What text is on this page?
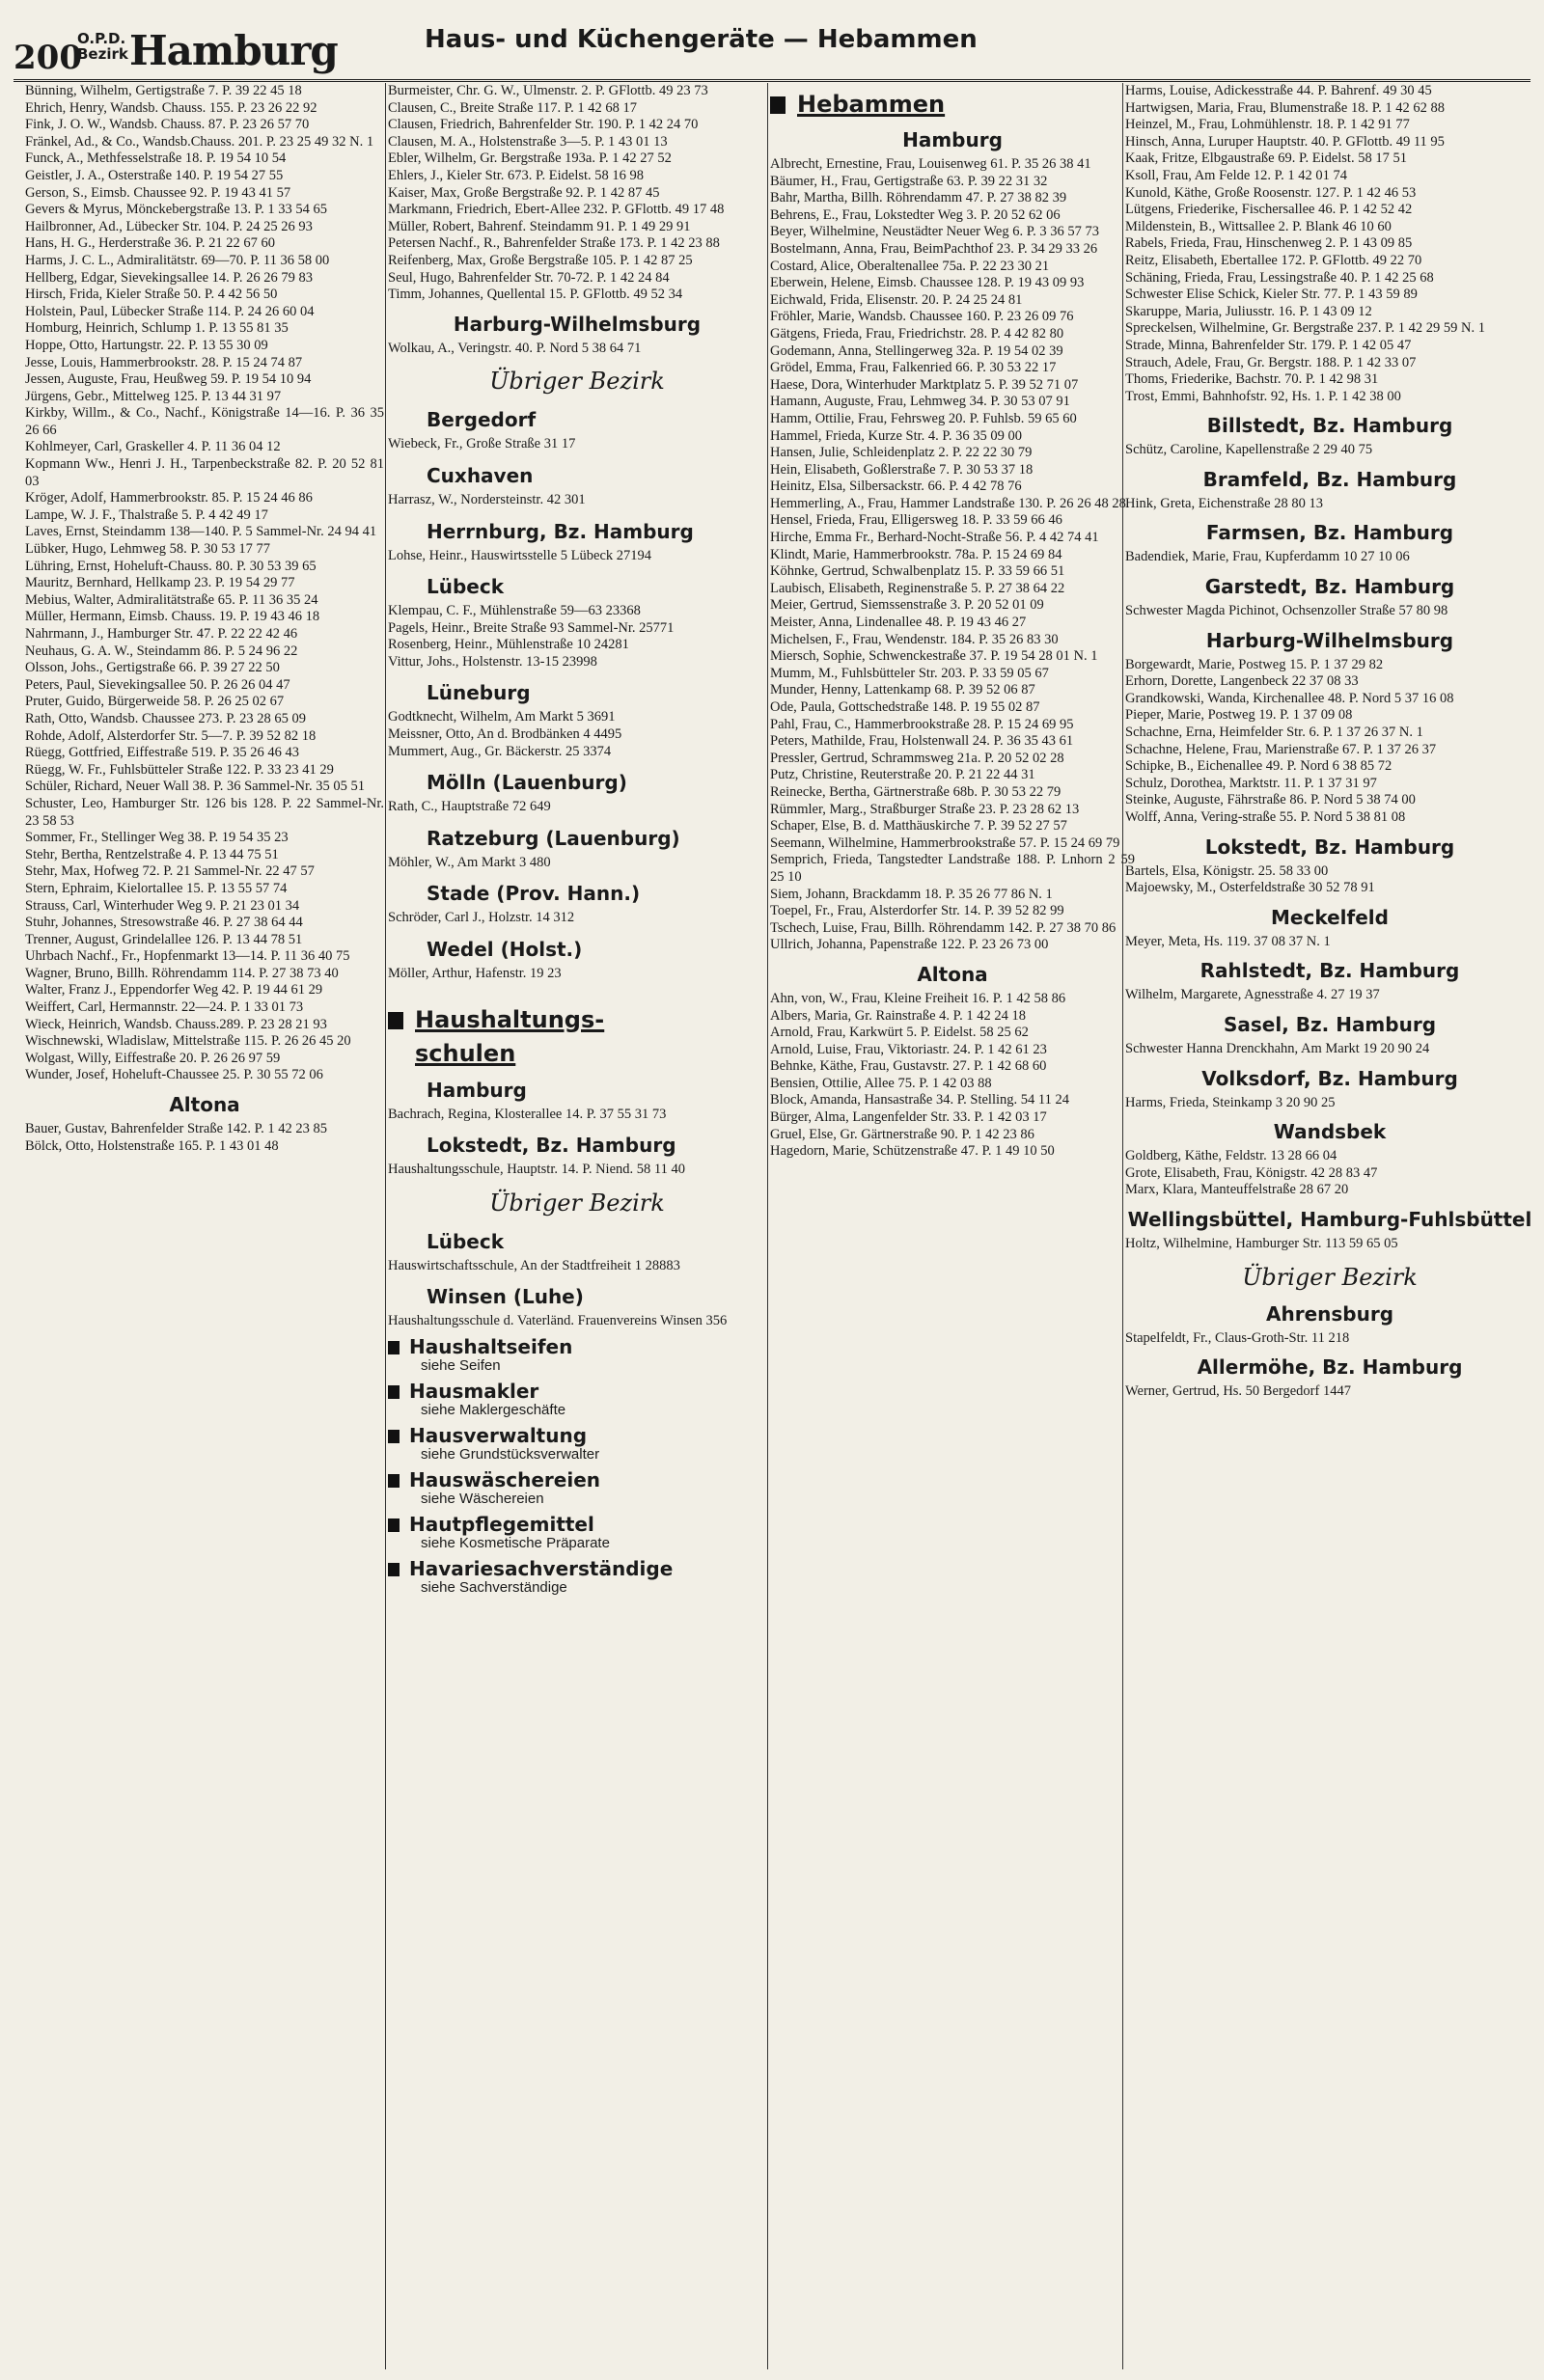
200
O.P.D.
Bezirk Hamburg	Haus- und Küchengeräte — Hebammen

Bünning, Wilhelm, Gertigstraße 7. P. 39 22 45 18

Ehrich, Henry, Wandsb. Chauss. 155. P. 23 26 22 92

Fink, J. O. W., Wandsb. Chauss. 87. P. 23 26 57 70

Fränkel, Ad., & Co., Wandsb.Chauss. 201. P. 23 25 49 32 N. 1

Funck, A., Methfesselstraße 18. P. 19 54 10 54

Geistler, J. A., Osterstraße 140. P. 19 54 27 55

Gerson, S., Eimsb. Chaussee 92. P. 19 43 41 57

Gevers & Myrus, Mönckebergstraße 13. P. 1 33 54 65

Hailbronner, Ad., Lübecker Str. 104. P. 24 25 26 93

Hans, H. G., Herderstraße 36. P. 21 22 67 60

Harms, J. C. L., Admiralitätstr. 69—70. P. 11 36 58 00

Hellberg, Edgar, Sievekingsallee 14. P. 26 26 79 83

Hirsch, Frida, Kieler Straße 50. P. 4 42 56 50

Holstein, Paul, Lübecker Straße 114. P. 24 26 60 04

Homburg, Heinrich, Schlump 1. P. 13 55 81 35

Hoppe, Otto, Hartungstr. 22. P. 13 55 30 09

Jesse, Louis, Hammerbrookstr. 28. P. 15 24 74 87

Jessen, Auguste, Frau, Heußweg 59. P. 19 54 10 94

Jürgens, Gebr., Mittelweg 125. P. 13 44 31 97

Kirkby, Willm., & Co., Nachf., Königstraße 14—16. P. 36 35 26 66

Kohlmeyer, Carl, Graskeller 4. P. 11 36 04 12

Kopmann Ww., Henri J. H., Tarpenbeckstraße 82. P. 20 52 81 03

Kröger, Adolf, Hammerbrookstr. 85. P. 15 24 46 86

Lampe, W. J. F., Thalstraße 5. P. 4 42 49 17

Laves, Ernst, Steindamm 138—140. P. 5 Sammel-Nr. 24 94 41

Lübker, Hugo, Lehmweg 58. P. 30 53 17 77

Lühring, Ernst, Hoheluft-Chauss. 80. P. 30 53 39 65

Mauritz, Bernhard, Hellkamp 23. P. 19 54 29 77

Mebius, Walter, Admiralitätstraße 65. P. 11 36 35 24

Müller, Hermann, Eimsb. Chauss. 19. P. 19 43 46 18

Nahrmann, J., Hamburger Str. 47. P. 22 22 42 46

Neuhaus, G. A. W., Steindamm 86. P. 5 24 96 22

Olsson, Johs., Gertigstraße 66. P. 39 27 22 50

Peters, Paul, Sievekingsallee 50. P. 26 26 04 47

Pruter, Guido, Bürgerweide 58. P. 26 25 02 67

Rath, Otto, Wandsb. Chaussee 273. P. 23 28 65 09

Rohde, Adolf, Alsterdorfer Str. 5—7. P. 39 52 82 18

Rüegg, Gottfried, Eiffestraße 519. P. 35 26 46 43

Rüegg, W. Fr., Fuhlsbütteler Straße 122. P. 33 23 41 29

Schüler, Richard, Neuer Wall 38. P. 36 Sammel-Nr. 35 05 51

Schuster, Leo, Hamburger Str. 126 bis 128. P. 22 Sammel-Nr. 23 58 53

Sommer, Fr., Stellinger Weg 38. P. 19 54 35 23

Stehr, Bertha, Rentzelstraße 4. P. 13 44 75 51

Stehr, Max, Hofweg 72. P. 21 Sammel-Nr. 22 47 57

Stern, Ephraim, Kielortallee 15. P. 13 55 57 74

Strauss, Carl, Winterhuder Weg 9. P. 21 23 01 34

Stuhr, Johannes, Stresowstraße 46. P. 27 38 64 44

Trenner, August, Grindelallee 126. P. 13 44 78 51

Uhrbach Nachf., Fr., Hopfenmarkt 13—14. P. 11 36 40 75

Wagner, Bruno, Billh. Röhrendamm 114. P. 27 38 73 40

Walter, Franz J., Eppendorfer Weg 42. P. 19 44 61 29

Weiffert, Carl, Hermannstr. 22—24. P. 1 33 01 73

Wieck, Heinrich, Wandsb. Chauss.289. P. 23 28 21 93

Wischnewski, Wladislaw, Mittelstraße 115. P. 26 26 45 20

Wolgast, Willy, Eiffestraße 20. P. 26 26 97 59

Wunder, Josef, Hoheluft-Chaussee 25. P. 30 55 72 06

Altona

Bauer, Gustav, Bahrenfelder Straße 142. P. 1 42 23 85

Bölck, Otto, Holstenstraße 165. P. 1 43 01 48

Burmeister, Chr. G. W., Ulmenstr. 2. P. GFlottb. 49 23 73

Clausen, C., Breite Straße 117. P. 1 42 68 17

Clausen, Friedrich, Bahrenfelder Str. 190. P. 1 42 24 70

Clausen, M. A., Holstenstraße 3—5. P. 1 43 01 13

Ebler, Wilhelm, Gr. Bergstraße 193a. P. 1 42 27 52

Ehlers, J., Kieler Str. 673. P. Eidelst. 58 16 98

Kaiser, Max, Große Bergstraße 92. P. 1 42 87 45

Markmann, Friedrich, Ebert-Allee 232. P. GFlottb. 49 17 48

Müller, Robert, Bahrenf. Steindamm 91. P. 1 49 29 91

Petersen Nachf., R., Bahrenfelder Straße 173. P. 1 42 23 88

Reifenberg, Max, Große Bergstraße 105. P. 1 42 87 25

Seul, Hugo, Bahrenfelder Str. 70-72. P. 1 42 24 84

Timm, Johannes, Quellental 15. P. GFlottb. 49 52 34

Harburg-Wilhelmsburg

Wolkau, A., Veringstr. 40. P. Nord 5 38 64 71

Übriger Bezirk
Bergedorf

Wiebeck, Fr., Große Straße 31 17

Cuxhaven

Harrasz, W., Nordersteinstr. 42 301

Herrnburg, Bz. Hamburg

Lohse, Heinr., Hauswirtsstelle 5 Lübeck 27194

Lübeck

Klempau, C. F., Mühlenstraße 59—63 23368

Pagels, Heinr., Breite Straße 93 Sammel-Nr. 25771

Rosenberg, Heinr., Mühlenstraße 10 24281

Vittur, Johs., Holstenstr. 13-15 23998

Lüneburg

Godtknecht, Wilhelm, Am Markt 5 3691

Meissner, Otto, An d. Brodbänken 4 4495

Mummert, Aug., Gr. Bäckerstr. 25 3374

Mölln (Lauenburg)

Rath, C., Hauptstraße 72 649

Ratzeburg (Lauenburg)

Möhler, W., Am Markt 3 480

Stade (Prov. Hann.)

Schröder, Carl J., Holzstr. 14 312

Wedel (Holst.)

Möller, Arthur, Hafenstr. 19 23

Haushaltungs-
schulen
Hamburg

Bachrach, Regina, Klosterallee 14. P. 37 55 31 73

Lokstedt, Bz. Hamburg

Haushaltungsschule, Hauptstr. 14. P. Niend. 58 11 40

Übriger Bezirk
Lübeck

Hauswirtschaftsschule, An der Stadtfreiheit 1 28883

Winsen (Luhe)

Haushaltungsschule d. Vaterländ. Frauenvereins Winsen 356

Haushaltseifen
siehe Seifen
Hausmakler
siehe Maklergeschäfte
Hausverwaltung
siehe Grundstücksverwalter
Hauswäschereien
siehe Wäschereien
Hautpflegemittel
siehe Kosmetische Präparate
Havariesachverständige
siehe Sachverständige
Hebammen
Hamburg

Albrecht, Ernestine, Frau, Louisenweg 61. P. 35 26 38 41

Bäumer, H., Frau, Gertigstraße 63. P. 39 22 31 32

Bahr, Martha, Billh. Röhrendamm 47. P. 27 38 82 39

Behrens, E., Frau, Lokstedter Weg 3. P. 20 52 62 06

Beyer, Wilhelmine, Neustädter Neuer Weg 6. P. 3 36 57 73

Bostelmann, Anna, Frau, BeimPachthof 23. P. 34 29 33 26

Costard, Alice, Oberaltenallee 75a. P. 22 23 30 21

Eberwein, Helene, Eimsb. Chaussee 128. P. 19 43 09 93

Eichwald, Frida, Elisenstr. 20. P. 24 25 24 81

Fröhler, Marie, Wandsb. Chaussee 160. P. 23 26 09 76

Gätgens, Frieda, Frau, Friedrichstr. 28. P. 4 42 82 80

Godemann, Anna, Stellingerweg 32a. P. 19 54 02 39

Grödel, Emma, Frau, Falkenried 66. P. 30 53 22 17

Haese, Dora, Winterhuder Marktplatz 5. P. 39 52 71 07

Hamann, Auguste, Frau, Lehmweg 34. P. 30 53 07 91

Hamm, Ottilie, Frau, Fehrsweg 20. P. Fuhlsb. 59 65 60

Hammel, Frieda, Kurze Str. 4. P. 36 35 09 00

Hansen, Julie, Schleidenplatz 2. P. 22 22 30 79

Hein, Elisabeth, Goßlerstraße 7. P. 30 53 37 18

Heinitz, Elsa, Silbersackstr. 66. P. 4 42 78 76

Hemmerling, A., Frau, Hammer Landstraße 130. P. 26 26 48 28

Hensel, Frieda, Frau, Elligersweg 18. P. 33 59 66 46

Hirche, Emma Fr., Berhard-Nocht-Straße 56. P. 4 42 74 41

Klindt, Marie, Hammerbrookstr. 78a. P. 15 24 69 84

Köhnke, Gertrud, Schwalbenplatz 15. P. 33 59 66 51

Laubisch, Elisabeth, Reginenstraße 5. P. 27 38 64 22

Meier, Gertrud, Siemssenstraße 3. P. 20 52 01 09

Meister, Anna, Lindenallee 48. P. 19 43 46 27

Michelsen, F., Frau, Wendenstr. 184. P. 35 26 83 30

Miersch, Sophie, Schwenckestraße 37. P. 19 54 28 01 N. 1

Mumm, M., Fuhlsbütteler Str. 203. P. 33 59 05 67

Munder, Henny, Lattenkamp 68. P. 39 52 06 87

Ode, Paula, Gottschedstraße 148. P. 19 55 02 87

Pahl, Frau, C., Hammerbrookstraße 28. P. 15 24 69 95

Peters, Mathilde, Frau, Holstenwall 24. P. 36 35 43 61

Pressler, Gertrud, Schrammsweg 21a. P. 20 52 02 28

Putz, Christine, Reuterstraße 20. P. 21 22 44 31

Reinecke, Bertha, Gärtnerstraße 68b. P. 30 53 22 79

Rümmler, Marg., Straßburger Straße 23. P. 23 28 62 13

Schaper, Else, B. d. Matthäuskirche 7. P. 39 52 27 57

Seemann, Wilhelmine, Hammerbrookstraße 57. P. 15 24 69 79

Semprich, Frieda, Tangstedter Landstraße 188. P. Lnhorn 2 59 25 10

Siem, Johann, Brackdamm 18. P. 35 26 77 86 N. 1

Toepel, Fr., Frau, Alsterdorfer Str. 14. P. 39 52 82 99

Tschech, Luise, Frau, Billh. Röhrendamm 142. P. 27 38 70 86

Ullrich, Johanna, Papenstraße 122. P. 23 26 73 00

Altona

Ahn, von, W., Frau, Kleine Freiheit 16. P. 1 42 58 86

Albers, Maria, Gr. Rainstraße 4. P. 1 42 24 18

Arnold, Frau, Karkwürt 5. P. Eidelst. 58 25 62

Arnold, Luise, Frau, Viktoriastr. 24. P. 1 42 61 23

Behnke, Käthe, Frau, Gustavstr. 27. P. 1 42 68 60

Bensien, Ottilie, Allee 75. P. 1 42 03 88

Block, Amanda, Hansastraße 34. P. Stelling. 54 11 24

Bürger, Alma, Langenfelder Str. 33. P. 1 42 03 17

Gruel, Else, Gr. Gärtnerstraße 90. P. 1 42 23 86

Hagedorn, Marie, Schützenstraße 47. P. 1 49 10 50

Harms, Louise, Adickesstraße 44. P. Bahrenf. 49 30 45

Hartwigsen, Maria, Frau, Blumenstraße 18. P. 1 42 62 88

Heinzel, M., Frau, Lohmühlenstr. 18. P. 1 42 91 77

Hinsch, Anna, Luruper Hauptstr. 40. P. GFlottb. 49 11 95

Kaak, Fritze, Elbgaustraße 69. P. Eidelst. 58 17 51

Ksoll, Frau, Am Felde 12. P. 1 42 01 74

Kunold, Käthe, Große Roosenstr. 127. P. 1 42 46 53

Lütgens, Friederike, Fischersallee 46. P. 1 42 52 42

Mildenstein, B., Wittsallee 2. P. Blank 46 10 60

Rabels, Frieda, Frau, Hinschenweg 2. P. 1 43 09 85

Reitz, Elisabeth, Ebertallee 172. P. GFlottb. 49 22 70

Schäning, Frieda, Frau, Lessingstraße 40. P. 1 42 25 68

Schwester Elise Schick, Kieler Str. 77. P. 1 43 59 89

Skaruppe, Maria, Juliusstr. 16. P. 1 43 09 12

Spreckelsen, Wilhelmine, Gr. Bergstraße 237. P. 1 42 29 59 N. 1

Strade, Minna, Bahrenfelder Str. 179. P. 1 42 05 47

Strauch, Adele, Frau, Gr. Bergstr. 188. P. 1 42 33 07

Thoms, Friederike, Bachstr. 70. P. 1 42 98 31

Trost, Emmi, Bahnhofstr. 92, Hs. 1. P. 1 42 38 00

Billstedt, Bz. Hamburg

Schütz, Caroline, Kapellenstraße 2 29 40 75

Bramfeld, Bz. Hamburg

Hink, Greta, Eichenstraße 28 80 13

Farmsen, Bz. Hamburg

Badendiek, Marie, Frau, Kupferdamm 10 27 10 06

Garstedt, Bz. Hamburg

Schwester Magda Pichinot, Ochsenzoller Straße 57 80 98

Harburg-Wilhelmsburg

Borgewardt, Marie, Postweg 15. P. 1 37 29 82

Erhorn, Dorette, Langenbeck 22 37 08 33

Grandkowski, Wanda, Kirchenallee 48. P. Nord 5 37 16 08

Pieper, Marie, Postweg 19. P. 1 37 09 08

Schachne, Erna, Heimfelder Str. 6. P. 1 37 26 37 N. 1

Schachne, Helene, Frau, Marienstraße 67. P. 1 37 26 37

Schipke, B., Eichenallee 49. P. Nord 6 38 85 72

Schulz, Dorothea, Marktstr. 11. P. 1 37 31 97

Steinke, Auguste, Fährstraße 86. P. Nord 5 38 74 00

Wolff, Anna, Vering-straße 55. P. Nord 5 38 81 08

Lokstedt, Bz. Hamburg

Bartels, Elsa, Königstr. 25. 58 33 00

Majoewsky, M., Osterfeldstraße 30 52 78 91

Meckelfeld

Meyer, Meta, Hs. 119. 37 08 37 N. 1

Rahlstedt, Bz. Hamburg

Wilhelm, Margarete, Agnesstraße 4. 27 19 37

Sasel, Bz. Hamburg

Schwester Hanna Drenckhahn, Am Markt 19 20 90 24

Volksdorf, Bz. Hamburg

Harms, Frieda, Steinkamp 3 20 90 25

Wandsbek

Goldberg, Käthe, Feldstr. 13 28 66 04

Grote, Elisabeth, Frau, Königstr. 42 28 83 47

Marx, Klara, Manteuffelstraße 28 67 20

Wellingsbüttel, Hamburg-Fuhlsbüttel

Holtz, Wilhelmine, Hamburger Str. 113 59 65 05

Übriger Bezirk
Ahrensburg

Stapelfeldt, Fr., Claus-Groth-Str. 11 218

Allermöhe, Bz. Hamburg

Werner, Gertrud, Hs. 50 Bergedorf 1447
